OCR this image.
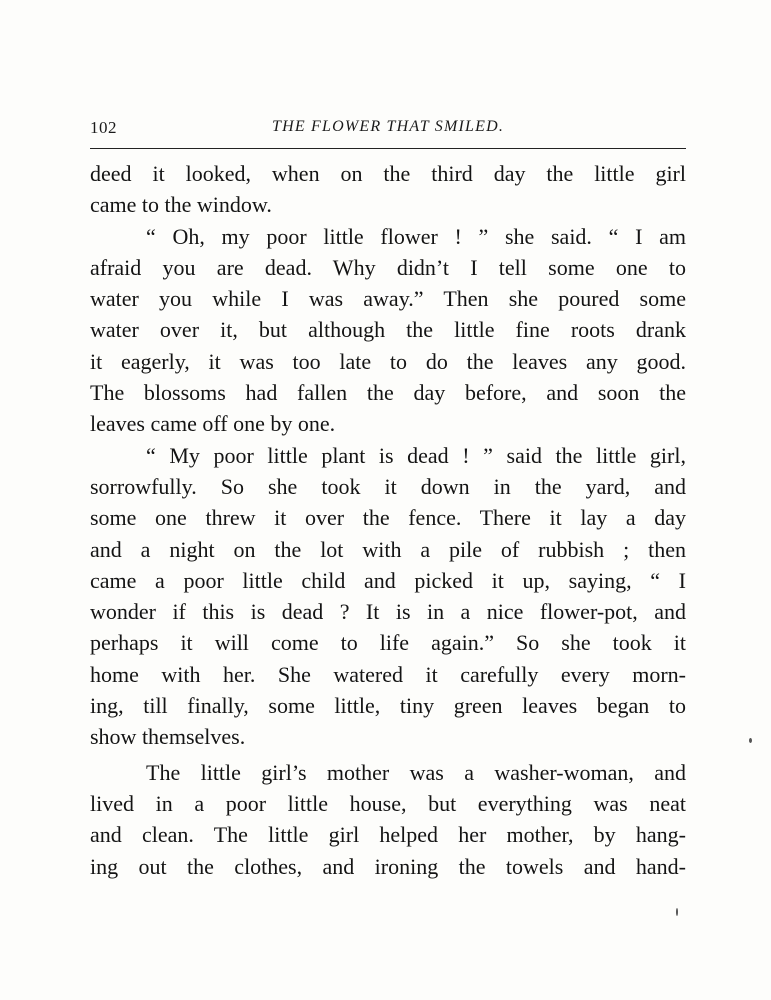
102	THE FLOWER THAT SMILED.
deed it looked, when on the third day the little girl
came to the window.
“ Oh, my poor little flower ! ” she said. “ I am
afraid you are dead. Why didn’t I tell some one to
water you while I was away.” Then she poured some
water over it, but although the little fine roots drank
it eagerly, it was too late to do the leaves any good.
The blossoms had fallen the day before, and soon the
leaves came off one by one.
“ My poor little plant is dead ! ” said the little girl,
sorrowfully. So she took it down in the yard, and
some one threw it over the fence. There it lay a day
and a night on the lot with a pile of rubbish ; then
came a poor little child and picked it up, saying, “ I
wonder if this is dead ? It is in a nice flower-pot, and
perhaps it will come to life again.” So she took it
home with her. She watered it carefully every morn-
ing, till finally, some little, tiny green leaves began to
show themselves.
The little girl’s mother was a washer-woman, and
lived in a poor little house, but everything was neat
and clean. The little girl helped her mother, by hang-
ing out the clothes, and ironing the towels and hand-
